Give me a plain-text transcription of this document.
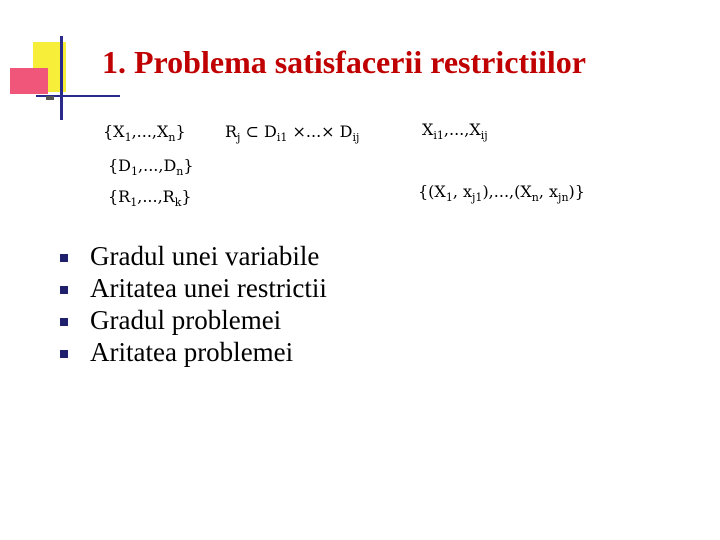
1. Problema satisfacerii restrictiilor
$\{X_1,...,X_n\}$
$\{D_1,...,D_n\}$
$\{R_1,...,R_k\}$
$R_j$ ⊂ $D_{i1}$ ×...× $D_{ij}$	$X_{i1},...,X_{ij}$
{($X_1$, $x_{j1}),...,(X_n$, $x_{jn}$)}
Gradul unei variabile
Aritatea unei restrictii
Gradul problemei
Aritatea problemei
